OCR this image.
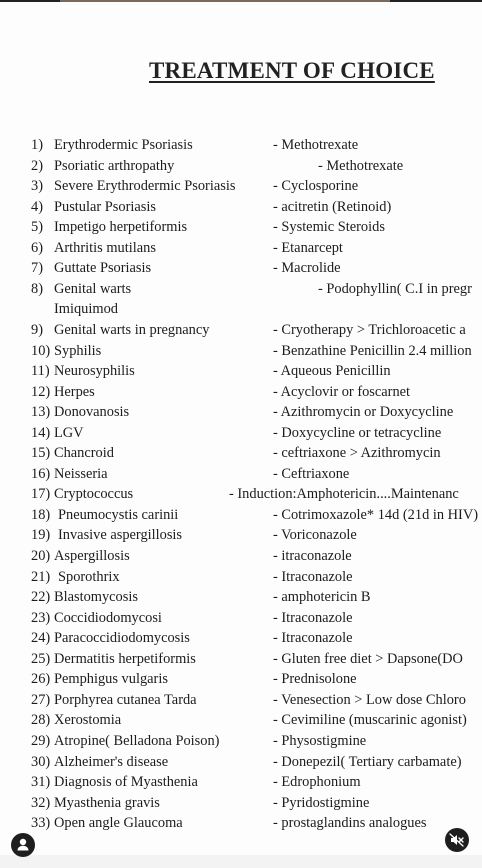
TREATMENT OF CHOICE
1) Erythrodermic Psoriasis	- Methotrexate
2) Psoriatic arthropathy	- Methotrexate
3) Severe Erythrodermic Psoriasis	- Cyclosporine
4) Pustular Psoriasis	- acitretin (Retinoid)
5) Impetigo herpetiformis	- Systemic Steroids
6) Arthritis mutilans	- Etanarcept
7) Guttate Psoriasis	- Macrolide
8) Genital warts	- Podophyllin( C.I in pregr
Imiquimod
9) Genital warts in pregnancy	- Cryotherapy > Trichloroacetic a
10) Syphilis	- Benzathine Penicillin 2.4 million
11) Neurosyphilis	- Aqueous Penicillin
12) Herpes	- Acyclovir or foscarnet
13) Donovanosis	- Azithromycin or Doxycycline
14) LGV	- Doxycycline or tetracycline
15) Chancroid	- ceftriaxone > Azithromycin
16) Neisseria	- Ceftriaxone
17) Cryptococcus	- Induction:Amphotericin....Maintenanc
18) Pneumocystis carinii	- Cotrimoxazole* 14d (21d in HIV)
19) Invasive aspergillosis	- Voriconazole
20) Aspergillosis	- itraconazole
21) Sporothrix	- Itraconazole
22) Blastomycosis	- amphotericin B
23) Coccidiodomycosi	- Itraconazole
24) Paracoccidiodomycosis	- Itraconazole
25) Dermatitis herpetiformis	- Gluten free diet > Dapsone(DO
26) Pemphigus vulgaris	- Prednisolone
27) Porphyrea cutanea Tarda	- Venesection > Low dose Chloro
28) Xerostomia	- Cevimiline (muscarinic agonist)
29) Atropine( Belladona Poison)	- Physostigmine
30) Alzheimer's disease	- Donepezil( Tertiary carbamate)
31) Diagnosis of Myasthenia	- Edrophonium
32) Myasthenia gravis	- Pyridostigmine
33) Open angle Glaucoma	- prostaglandins analogues
